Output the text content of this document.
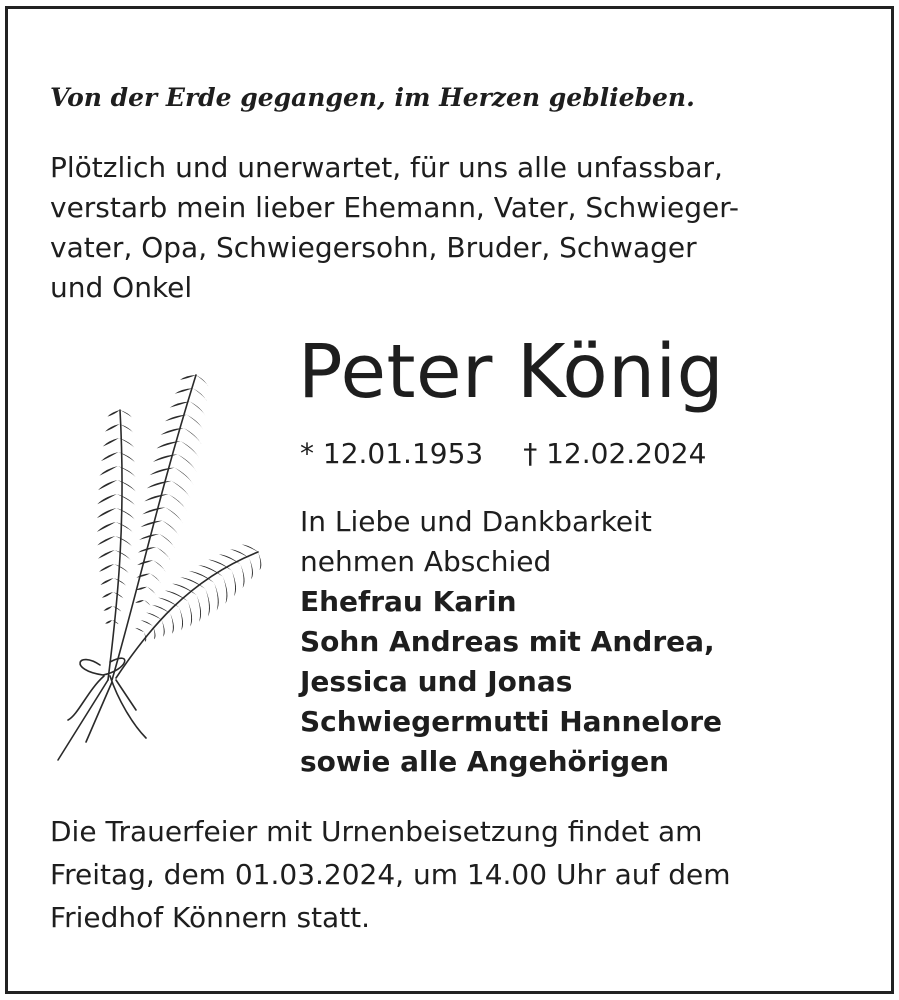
Von der Erde gegangen, im Herzen geblieben.
Plötzlich und unerwartet, für uns alle unfassbar,
verstarb mein lieber Ehemann, Vater, Schwieger-
vater, Opa, Schwiegersohn, Bruder, Schwager
und Onkel
Peter König
* 12.01.1953 † 12.02.2024
In Liebe und Dankbarkeit
nehmen Abschied
Ehefrau Karin
Sohn Andreas mit Andrea,
Jessica und Jonas
Schwiegermutti Hannelore
sowie alle Angehörigen
Die Trauerfeier mit Urnenbeisetzung findet am
Freitag, dem 01.03.2024, um 14.00 Uhr auf dem
Friedhof Könnern statt.
